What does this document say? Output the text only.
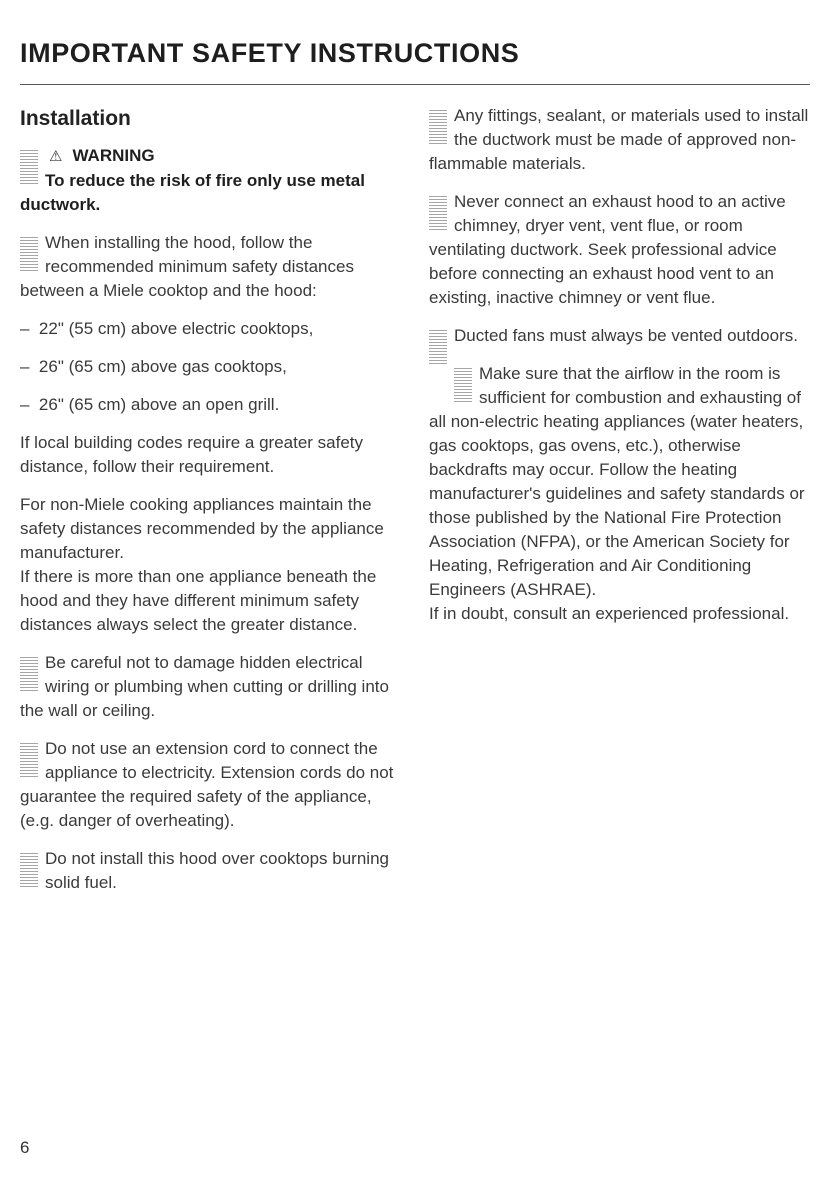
IMPORTANT SAFETY INSTRUCTIONS
Installation

⚠ WARNING
To reduce the risk of fire only use metal ductwork.

When installing the hood, follow the recommended minimum safety distances between a Miele cooktop and the hood:

–  22" (55 cm) above electric cooktops,

–  26" (65 cm) above gas cooktops,

–  26" (65 cm) above an open grill.

If local building codes require a greater safety distance, follow their requirement.

For non-Miele cooking appliances maintain the safety distances recommended by the appliance manufacturer.

If there is more than one appliance beneath the hood and they have different minimum safety distances always select the greater distance.

Be careful not to damage hidden electrical wiring or plumbing when cutting or drilling into the wall or ceiling.

Do not use an extension cord to connect the appliance to electricity. Extension cords do not guarantee the required safety of the appliance, (e.g. danger of overheating).

Do not install this hood over cooktops burning solid fuel.

Any fittings, sealant, or materials used to install the ductwork must be made of approved non-flammable materials.

Never connect an exhaust hood to an active chimney, dryer vent, vent flue, or room ventilating ductwork. Seek professional advice before connecting an exhaust hood vent to an existing, inactive chimney or vent flue.

Ducted fans must always be vented outdoors.

Make sure that the airflow in the room is sufficient for combustion and exhausting of all non-electric heating appliances (water heaters, gas cooktops, gas ovens, etc.), otherwise backdrafts may occur. Follow the heating manufacturer's guidelines and safety standards or those published by the National Fire Protection Association (NFPA), or the American Society for Heating, Refrigeration and Air Conditioning Engineers (ASHRAE).

If in doubt, consult an experienced professional.

6
